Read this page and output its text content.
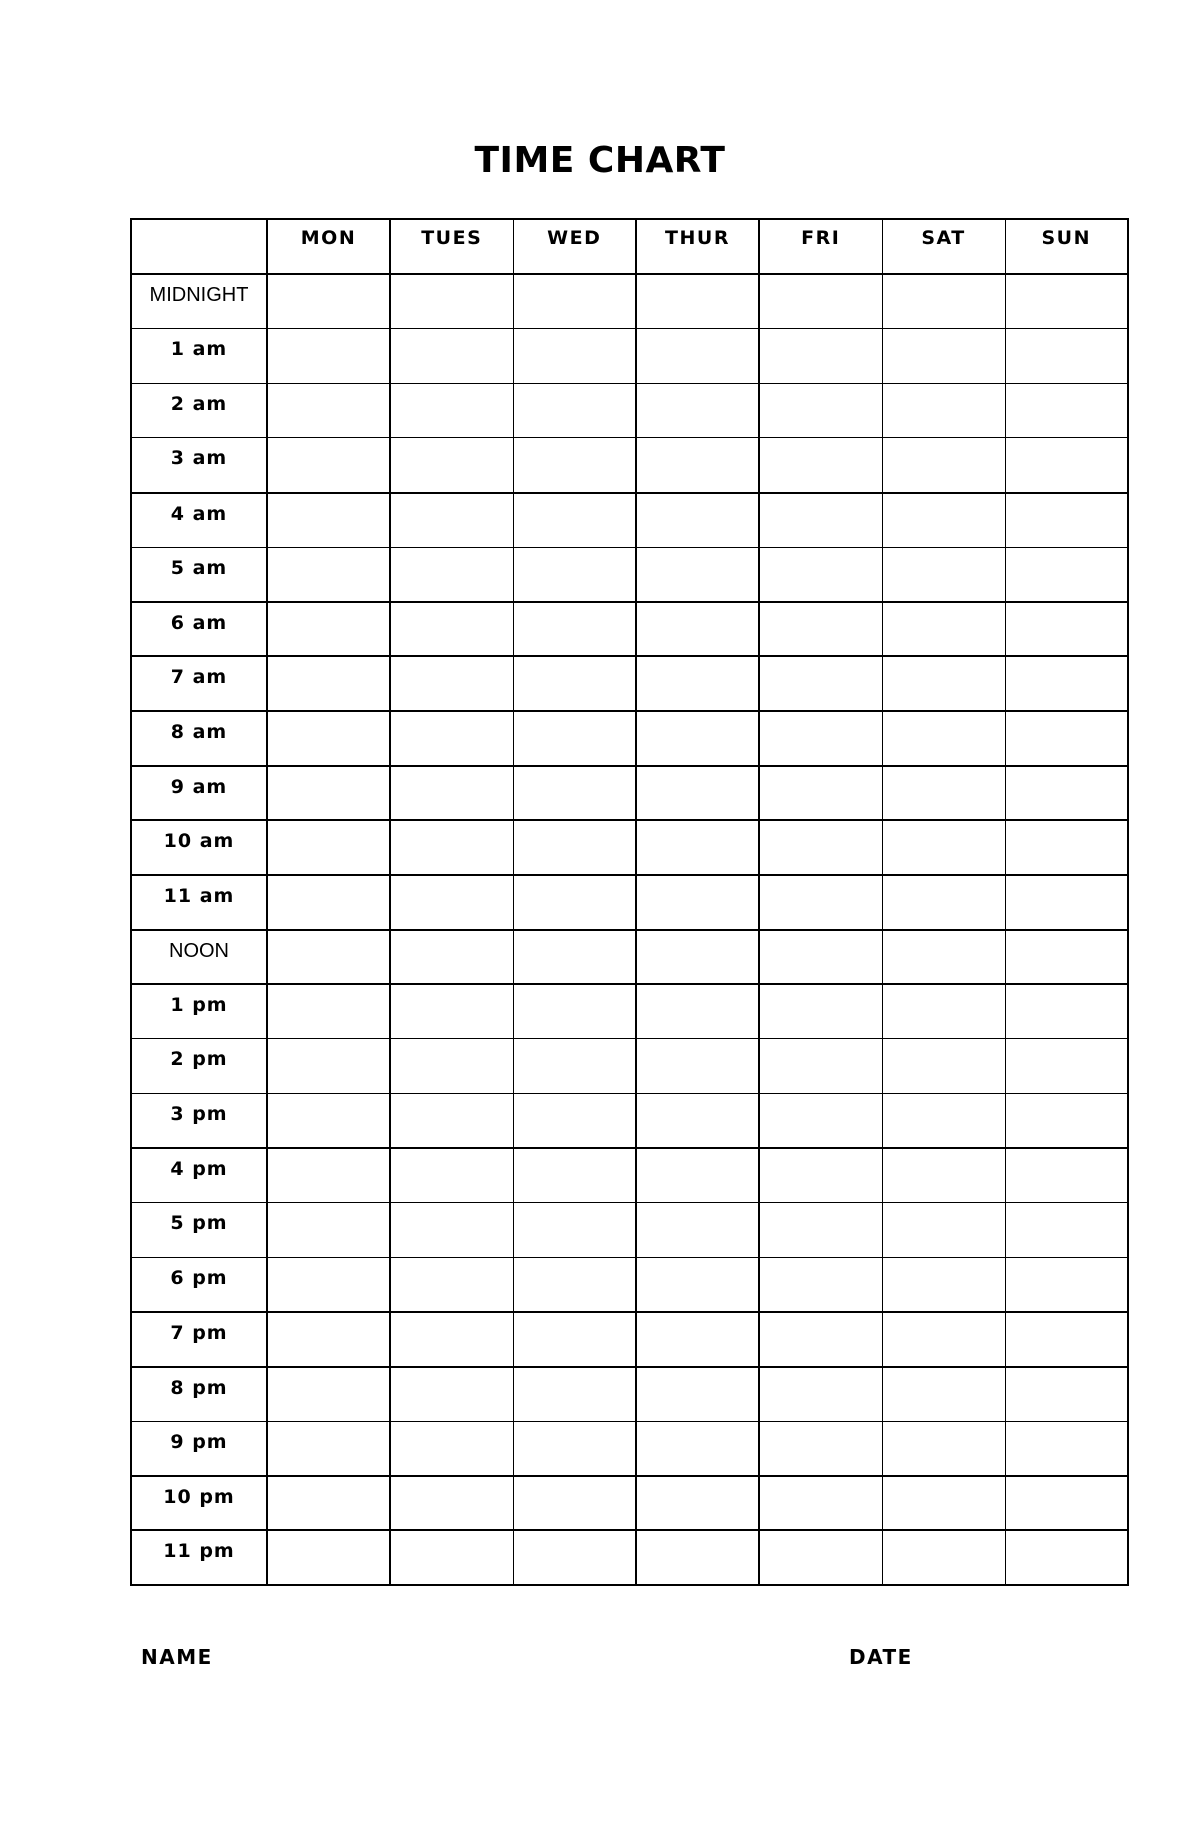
TIME CHART

	MON	TUES	WED	THUR	FRI	SAT	SUN

MIDNIGHT							

1 am							

2 am							

3 am							

4 am							

5 am							

6 am							

7 am							

8 am							

9 am							

10 am							

11 am							

NOON							

1 pm							

2 pm							

3 pm							

4 pm							

5 pm							

6 pm							

7 pm							

8 pm							

9 pm							

10 pm							

11 pm							

NAME	DATE
